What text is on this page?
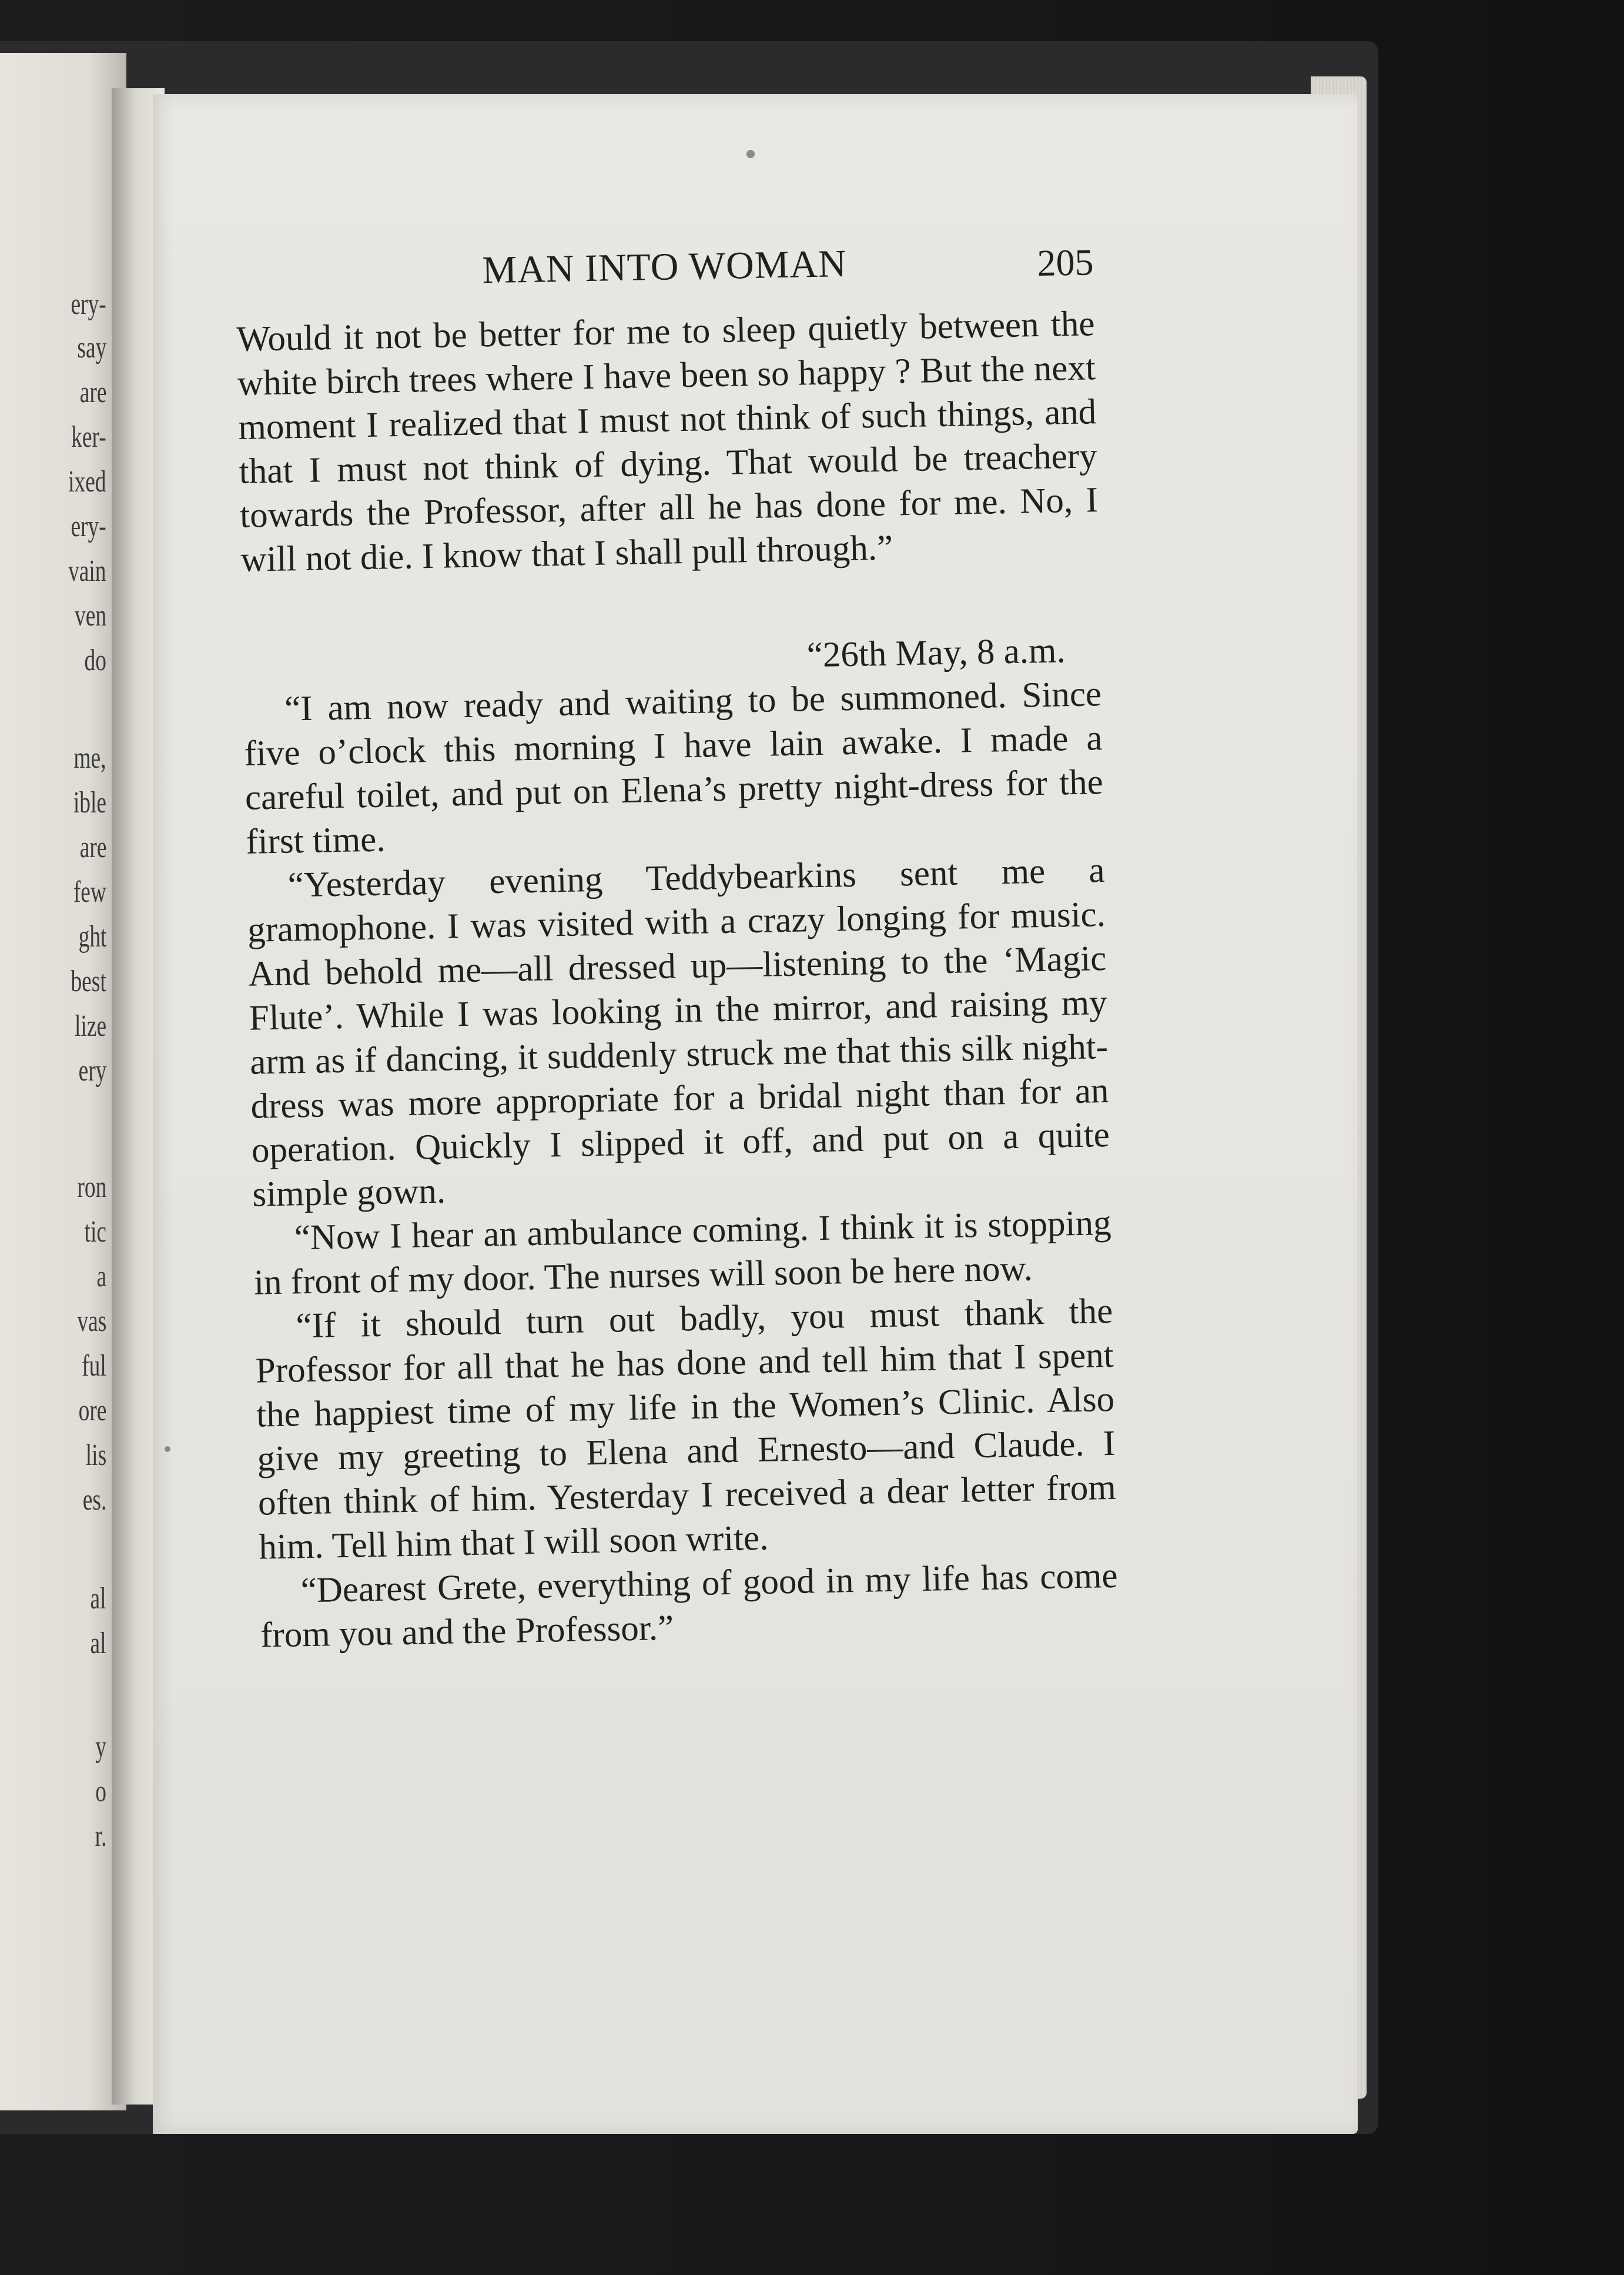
ery-
say
are
ker-
ixed
ery-
vain
ven
do
me,
ible
are
few
ght
best
lize
ery
ron
tic
a
vas
ful
ore
lis
es.
al
al
y
o
r.
MAN INTO WOMAN	205

Would it not be better for me to sleep quietly between the white birch trees where I have been so happy ? But the next moment I realized that I must not think of such things, and that I must not think of dying. That would be treachery towards the Professor, after all he has done for me. No, I will not die. I know that I shall pull through.”

“26th May, 8 a.m.

“I am now ready and waiting to be summoned. Since five o’clock this morning I have lain awake. I made a careful toilet, and put on Elena’s pretty night-dress for the first time.

“Yesterday evening Teddybearkins sent me a gramophone. I was visited with a crazy longing for music. And behold me—all dressed up—listening to the ‘Magic Flute’. While I was looking in the mirror, and raising my arm as if dancing, it suddenly struck me that this silk night-dress was more appropriate for a bridal night than for an operation. Quickly I slipped it off, and put on a quite simple gown.

“Now I hear an ambulance coming. I think it is stopping in front of my door. The nurses will soon be here now.

“If it should turn out badly, you must thank the Professor for all that he has done and tell him that I spent the happiest time of my life in the Women’s Clinic. Also give my greeting to Elena and Ernesto—and Claude. I often think of him. Yesterday I received a dear letter from him. Tell him that I will soon write.

“Dearest Grete, everything of good in my life has come from you and the Professor.”
